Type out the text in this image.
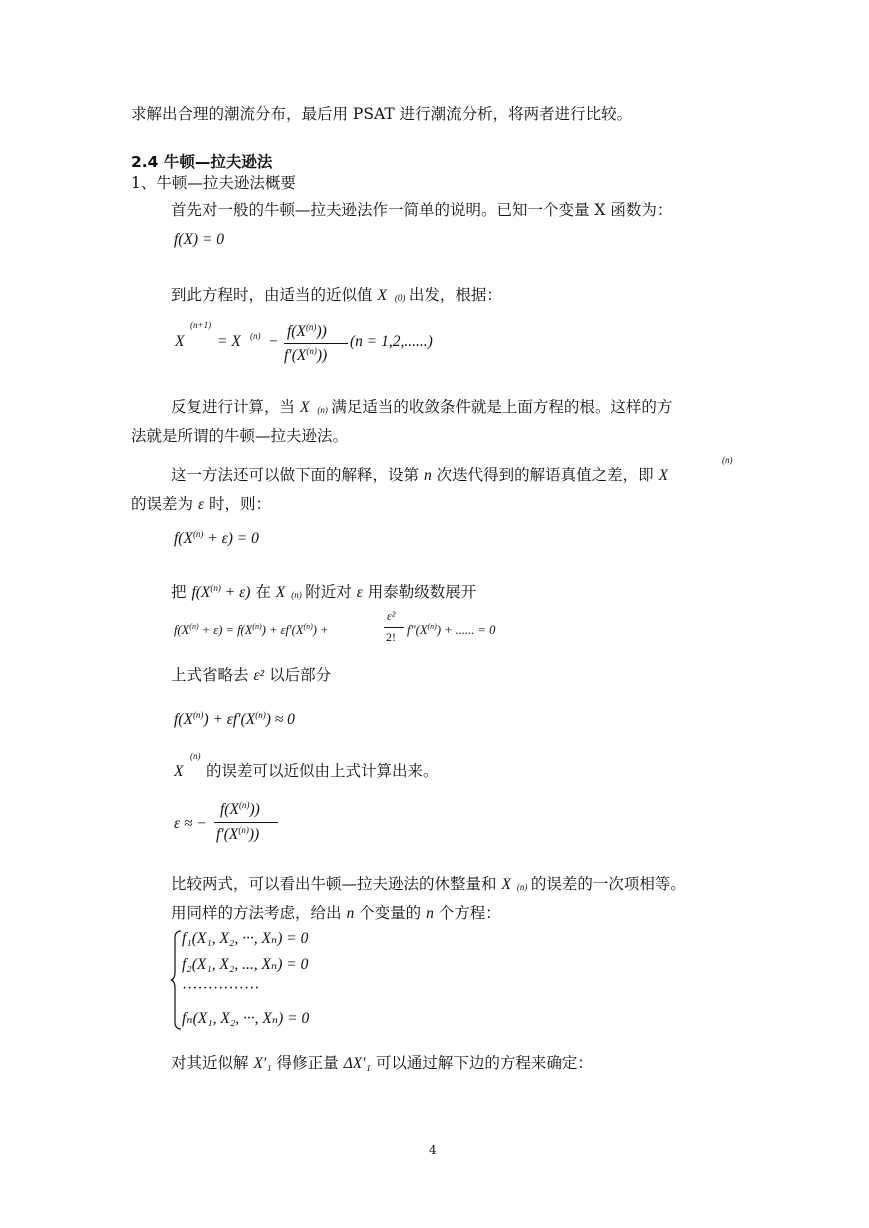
求解出合理的潮流分布，最后用 PSAT 进行潮流分析，将两者进行比较。
2.4 牛顿—拉夫逊法
1、牛顿—拉夫逊法概要
首先对一般的牛顿—拉夫逊法作一简单的说明。已知一个变量 X 函数为：
f(X) = 0
到此方程时，由适当的近似值 X (0) 出发，根据：
X
(n+1)
= X (n) −
$f(X^{(n)})$)
$f'(X^{(n)})$)
(n = 1,2,......)
反复进行计算，当 X (n) 满足适当的收敛条件就是上面方程的根。这样的方
法就是所谓的牛顿—拉夫逊法。
这一方法还可以做下面的解释，设第 n 次迭代得到的解语真值之差，即 X
(n)
的误差为 ε 时，则：
$f(X^{(n)} + \varepsilon) = 0$
把 $f(X^{(n)} + \varepsilon)$ 在 X (n) 附近对 ε 用泰勒级数展开
$f(X^{(n)} + \varepsilon) = f(X^{(n)}) + \varepsilon f'(X^{(n)})$ +
ε²
2! $f''(X^{(n)})$ + ...... = 0
上式省略去 ε² 以后部分
$f(X^{(n)}) + \varepsilon f'(X^{(n)}) \approx 0$
X
(n)
的误差可以近似由上式计算出来。
ε ≈ −
$f(X^{(n)})$)
$f'(X^{(n)})$)
比较两式，可以看出牛顿—拉夫逊法的休整量和 X (n) 的误差的一次项相等。
用同样的方法考虑，给出 n 个变量的 n 个方程：
f₁(X₁, X₂, ···, Xₙ) = 0
f₂(X₁, X₂, ..., Xₙ) = 0
···············
fₙ(X₁, X₂, ···, Xₙ) = 0
对其近似解 X′₁ 得修正量 ΔX′₁ 可以通过解下边的方程来确定：
4
